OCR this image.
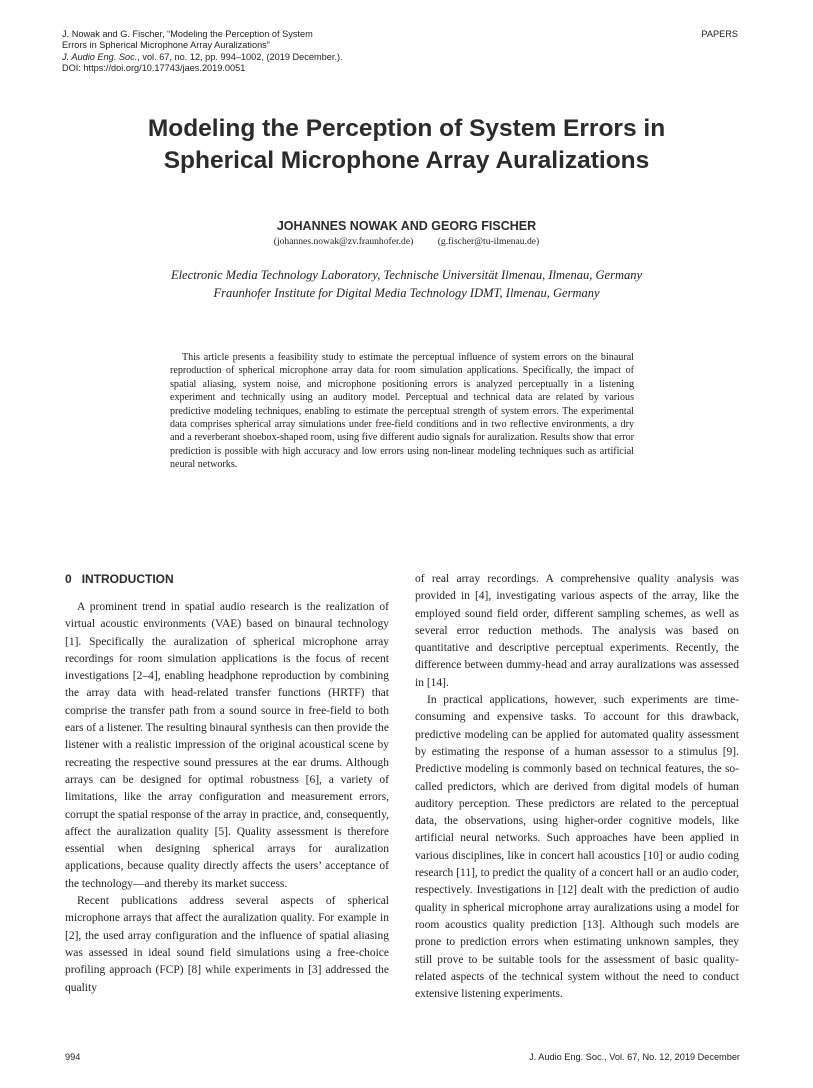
J. Nowak and G. Fischer, “Modeling the Perception of System
Errors in Spherical Microphone Array Auralizations”
J. Audio Eng. Soc., vol. 67, no. 12, pp. 994–1002, (2019 December.).
DOI: https://doi.org/10.17743/jaes.2019.0051
PAPERS
Modeling the Perception of System Errors in
Spherical Microphone Array Auralizations
JOHANNES NOWAK AND GEORG FISCHER
(johannes.nowak@zv.fraunhofer.de)	(g.fischer@tu-ilmenau.de)
Electronic Media Technology Laboratory, Technische Universität Ilmenau, Ilmenau, Germany
Fraunhofer Institute for Digital Media Technology IDMT, Ilmenau, Germany

This article presents a feasibility study to estimate the perceptual influence of system errors on the binaural reproduction of spherical microphone array data for room simulation applications. Specifically, the impact of spatial aliasing, system noise, and microphone positioning errors is analyzed perceptually in a listening experiment and technically using an auditory model. Perceptual and technical data are related by various predictive modeling techniques, enabling to estimate the perceptual strength of system errors. The experimental data comprises spherical array simulations under free-field conditions and in two reflective environments, a dry and a reverberant shoebox-shaped room, using five different audio signals for auralization. Results show that error prediction is possible with high accuracy and low errors using non-linear modeling techniques such as artificial neural networks.

0 INTRODUCTION

A prominent trend in spatial audio research is the realization of virtual acoustic environments (VAE) based on binaural technology [1]. Specifically the auralization of spherical microphone array recordings for room simulation applications is the focus of recent investigations [2–4], enabling headphone reproduction by combining the array data with head-related transfer functions (HRTF) that comprise the transfer path from a sound source in free-field to both ears of a listener. The resulting binaural synthesis can then provide the listener with a realistic impression of the original acoustical scene by recreating the respective sound pressures at the ear drums. Although arrays can be designed for optimal robustness [6], a variety of limitations, like the array configuration and measurement errors, corrupt the spatial response of the array in practice, and, consequently, affect the auralization quality [5]. Quality assessment is therefore essential when designing spherical arrays for auralization applications, because quality directly affects the users’ acceptance of the technology—and thereby its market success.

Recent publications address several aspects of spherical microphone arrays that affect the auralization quality. For example in [2], the used array configuration and the influence of spatial aliasing was assessed in ideal sound field simulations using a free-choice profiling approach (FCP) [8] while experiments in [3] addressed the quality

of real array recordings. A comprehensive quality analysis was provided in [4], investigating various aspects of the array, like the employed sound field order, different sampling schemes, as well as several error reduction methods. The analysis was based on quantitative and descriptive perceptual experiments. Recently, the difference between dummy-head and array auralizations was assessed in [14].

In practical applications, however, such experiments are time-consuming and expensive tasks. To account for this drawback, predictive modeling can be applied for automated quality assessment by estimating the response of a human assessor to a stimulus [9]. Predictive modeling is commonly based on technical features, the so-called predictors, which are derived from digital models of human auditory perception. These predictors are related to the perceptual data, the observations, using higher-order cognitive models, like artificial neural networks. Such approaches have been applied in various disciplines, like in concert hall acoustics [10] or audio coding research [11], to predict the quality of a concert hall or an audio coder, respectively. Investigations in [12] dealt with the prediction of audio quality in spherical microphone array auralizations using a model for room acoustics quality prediction [13]. Although such models are prone to prediction errors when estimating unknown samples, they still prove to be suitable tools for the assessment of basic quality-related aspects of the technical system without the need to conduct extensive listening experiments.

994	J. Audio Eng. Soc., Vol. 67, No. 12, 2019 December
